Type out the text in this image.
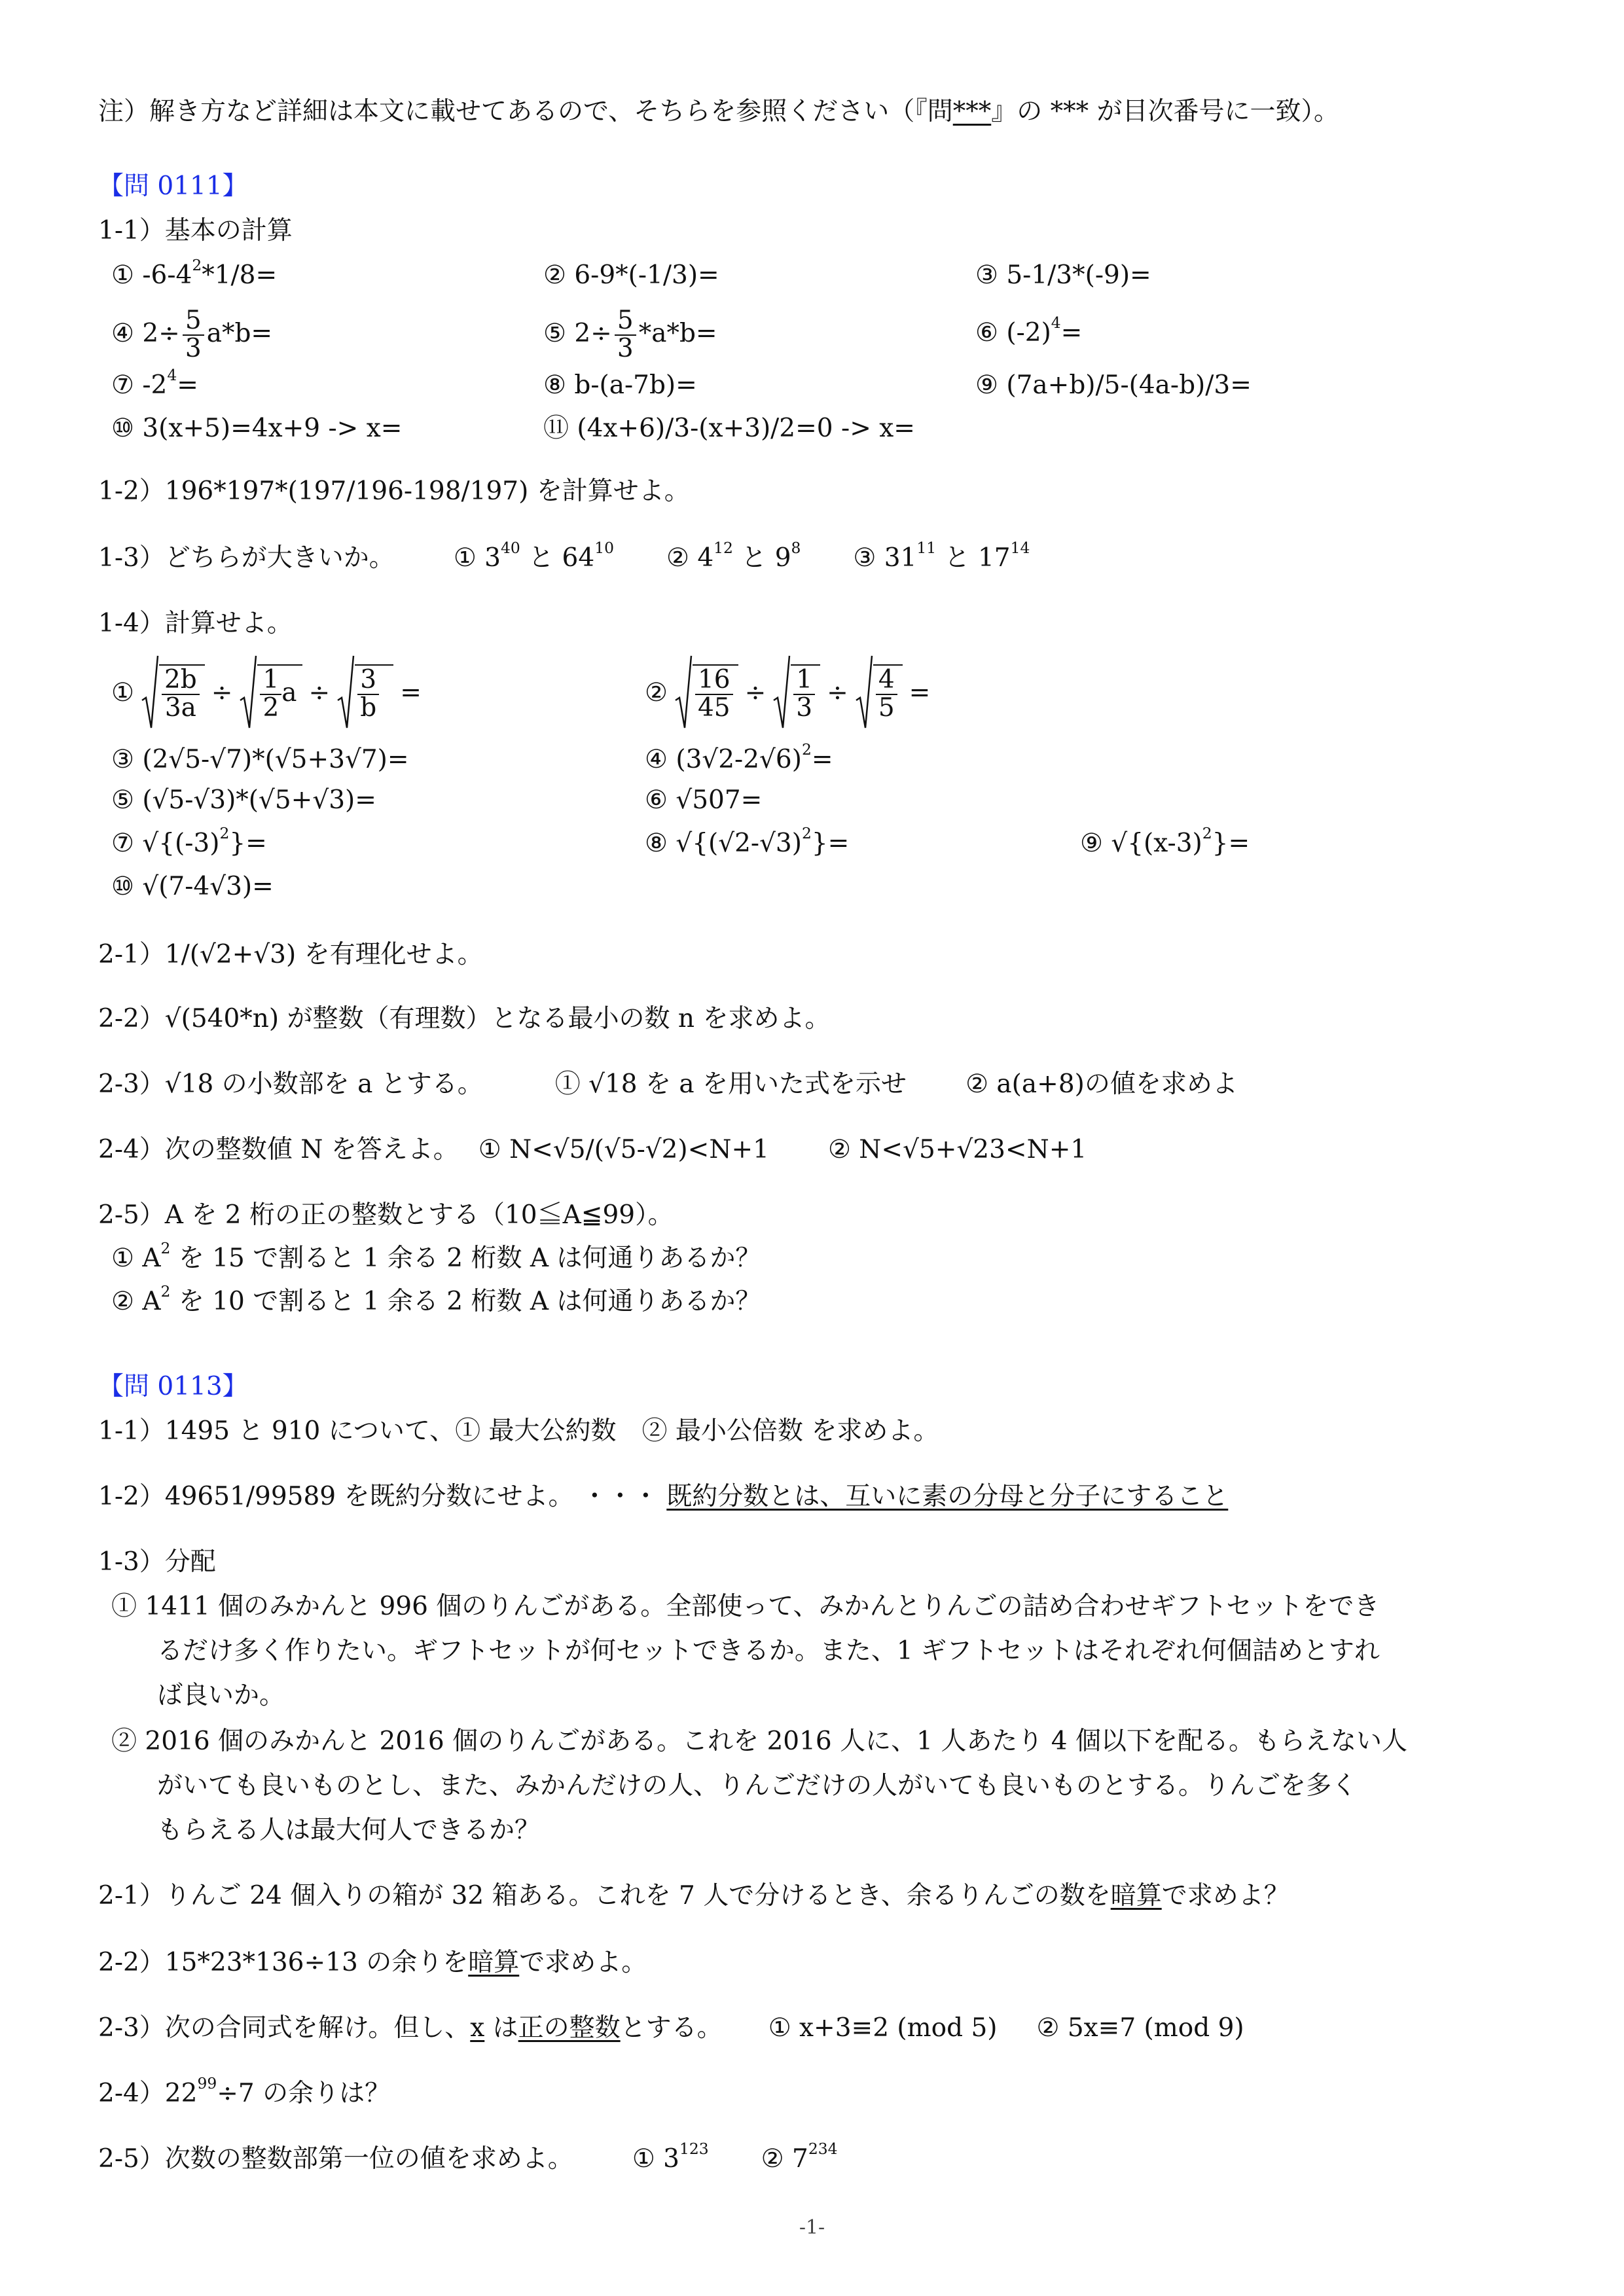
注）解き方など詳細は本文に載せてあるので、そちらを参照ください（『問***』の *** が目次番号に一致）。
【問 0111】
1-1）基本の計算
① $-6-4^2*1/8=$	② 6-9*(-1/3)=	③ 5-1/3*(-9)=
④ $2\div \frac{5}{3} a*b=$	⑤ $2\div \frac{5}{3} *a*b=$	⑥ $(-2)^4=$
⑦ $-2^4=$	⑧ b-(a-7b)=	⑨ (7a+b)/5-(4a-b)/3=
⑩ 3(x+5)=4x+9 -> x=	⑪ (4x+6)/3-(x+3)/2=0 -> x=
1-2）196*197*(197/196-198/197) を計算せよ。
1-3）どちらが大きいか。 ① $3^{40}$ と $64^{10}$ ② $4^{12}$ と $9^8$ ③ $31^{11}$ と $17^{14}$
1-4）計算せよ。
① $\frac{2b}{3a} \div \frac{1}{2}$ $a \div \frac{3}{b}$ =	② $\frac{16}{45} \div \frac{1}{3} \div \frac{4}{5}$ =
③ (2√5-√7)*(√5+3√7)=	④ $(3√2-2√6)^2=$
⑤ (√5-√3)*(√5+√3)=	⑥ √507=
⑦ $√\{(-3)^2\}=$	⑧ $√\{(√2-√3)^2\}=$	⑨ $√\{(x-3)^2\}=$
⑩ √(7-4√3)=
2-1）1/(√2+√3) を有理化せよ。
2-2）√(540*n) が整数（有理数）となる最小の数 n を求めよ。
2-3）√18 の小数部を a とする。	① √18 を a を用いた式を示せ ② a(a+8)の値を求めよ
2-4）次の整数値 N を答えよ。 ① N<√5/(√5-√2)<N+1 ② N<√5+√23<N+1
2-5）A を 2 桁の正の整数とする（10≦A≦99）。
① $A^2$ を 15 で割ると 1 余る 2 桁数 A は何通りあるか？
② $A^2$ を 10 で割ると 1 余る 2 桁数 A は何通りあるか？
【問 0113】
1-1）1495 と 910 について、① 最大公約数　② 最小公倍数 を求めよ。
1-2）49651/99589 を既約分数にせよ。 ・・・ 既約分数とは、互いに素の分母と分子にすること
1-3）分配
① 1411 個のみかんと 996 個のりんごがある。全部使って、みかんとりんごの詰め合わせギフトセットをでき
るだけ多く作りたい。ギフトセットが何セットできるか。また、1 ギフトセットはそれぞれ何個詰めとすれ
ば良いか。
② 2016 個のみかんと 2016 個のりんごがある。これを 2016 人に、1 人あたり 4 個以下を配る。もらえない人
がいても良いものとし、また、みかんだけの人、りんごだけの人がいても良いものとする。りんごを多く
もらえる人は最大何人できるか？
2-1）りんご 24 個入りの箱が 32 箱ある。これを 7 人で分けるとき、余るりんごの数を暗算で求めよ？
2-2）15*23*136÷13 の余りを暗算で求めよ。
2-3）次の合同式を解け。但し、x は正の整数とする。 ① x+3≡2 (mod 5) ② 5x≡7 (mod 9)
$2-4)22^{99}\div 7$ の余りは？
2-5）次数の整数部第一位の値を求めよ。 ① $3^{123}$ ② $7^{234}$
-1-
